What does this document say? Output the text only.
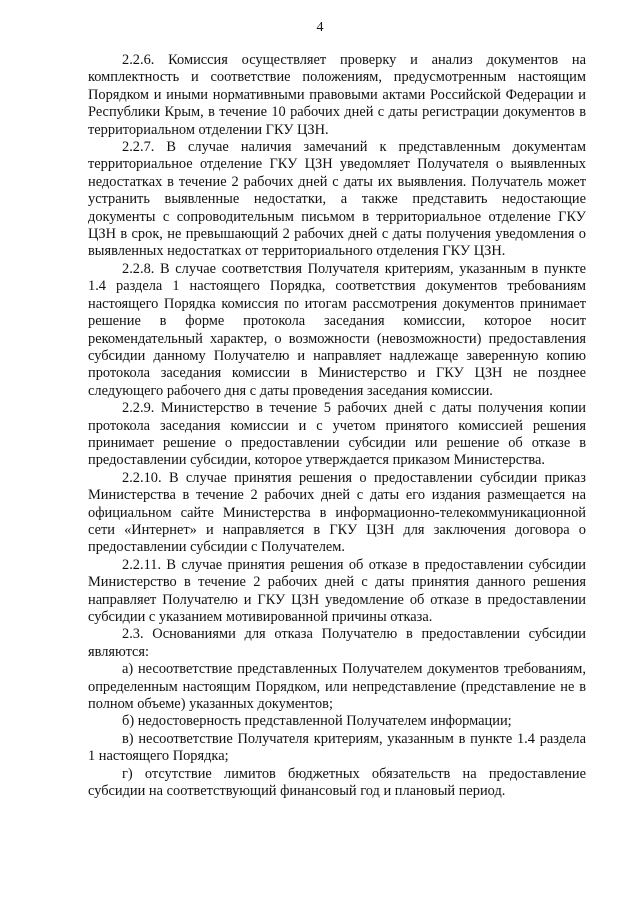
4

2.2.6. Комиссия осуществляет проверку и анализ документов на комплектность и соответствие положениям, предусмотренным настоящим Порядком и иными нормативными правовыми актами Российской Федерации и Республики Крым, в течение 10 рабочих дней с даты регистрации документов в территориальном отделении ГКУ ЦЗН.

2.2.7. В случае наличия замечаний к представленным документам территориальное отделение ГКУ ЦЗН уведомляет Получателя о выявленных недостатках в течение 2 рабочих дней с даты их выявления. Получатель может устранить выявленные недостатки, а также представить недостающие документы с сопроводительным письмом в территориальное отделение ГКУ ЦЗН в срок, не превышающий 2 рабочих дней с даты получения уведомления о выявленных недостатках от территориального отделения ГКУ ЦЗН.

2.2.8. В случае соответствия Получателя критериям, указанным в пункте 1.4 раздела 1 настоящего Порядка, соответствия документов требованиям настоящего Порядка комиссия по итогам рассмотрения документов принимает решение в форме протокола заседания комиссии, которое носит рекомендательный характер, о возможности (невозможности) предоставления субсидии данному Получателю и направляет надлежаще заверенную копию протокола заседания комиссии в Министерство и ГКУ ЦЗН не позднее следующего рабочего дня с даты проведения заседания комиссии.

2.2.9. Министерство в течение 5 рабочих дней с даты получения копии протокола заседания комиссии и с учетом принятого комиссией решения принимает решение о предоставлении субсидии или решение об отказе в предоставлении субсидии, которое утверждается приказом Министерства.

2.2.10. В случае принятия решения о предоставлении субсидии приказ Министерства в течение 2 рабочих дней с даты его издания размещается на официальном сайте Министерства в информационно-телекоммуникационной сети «Интернет» и направляется в ГКУ ЦЗН для заключения договора о предоставлении субсидии с Получателем.

2.2.11. В случае принятия решения об отказе в предоставлении субсидии Министерство в течение 2 рабочих дней с даты принятия данного решения направляет Получателю и ГКУ ЦЗН уведомление об отказе в предоставлении субсидии с указанием мотивированной причины отказа.

2.3. Основаниями для отказа Получателю в предоставлении субсидии являются:

а) несоответствие представленных Получателем документов требованиям, определенным настоящим Порядком, или непредставление (представление не в полном объеме) указанных документов;

б) недостоверность представленной Получателем информации;

в) несоответствие Получателя критериям, указанным в пункте 1.4 раздела 1 настоящего Порядка;

г) отсутствие лимитов бюджетных обязательств на предоставление субсидии на соответствующий финансовый год и плановый период.
